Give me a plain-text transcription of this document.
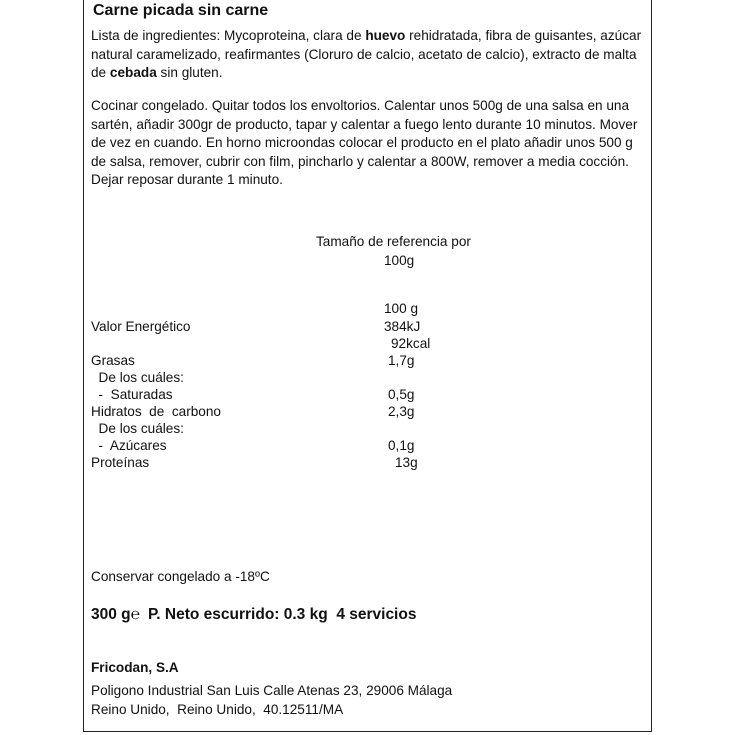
Carne picada sin carne
Lista de ingredientes: Mycoproteina, clara de huevo rehidratada, fibra de guisantes, azúcar natural caramelizado, reafirmantes (Cloruro de calcio, acetato de calcio), extracto de malta de cebada sin gluten.
Cocinar congelado. Quitar todos los envoltorios. Calentar unos 500g de una salsa en una sartén, añadir 300gr de producto, tapar y calentar a fuego lento durante 10 minutos. Mover de vez en cuando. En horno microondas colocar el producto en el plato añadir unos 500 g de salsa, remover, cubrir con film, pincharlo y calentar a 800W, remover a media cocción. Dejar reposar durante 1 minuto.
Tamaño de referencia por
100g
100 g
Valor Energético	384kJ
92kcal
Grasas	1,7g
De los cuáles:
-  Saturadas	0,5g
Hidratos  de  carbono	2,3g
De los cuáles:
-  Azúcares	0,1g
Proteínas	13g
Conservar congelado a -18ºC
300 g℮ P. Neto escurrido: 0.3 kg  4 servicios
Fricodan, S.A
Poligono Industrial San Luis Calle Atenas 23, 29006 Málaga
Reino Unido,  Reino Unido,  40.12511/MA
